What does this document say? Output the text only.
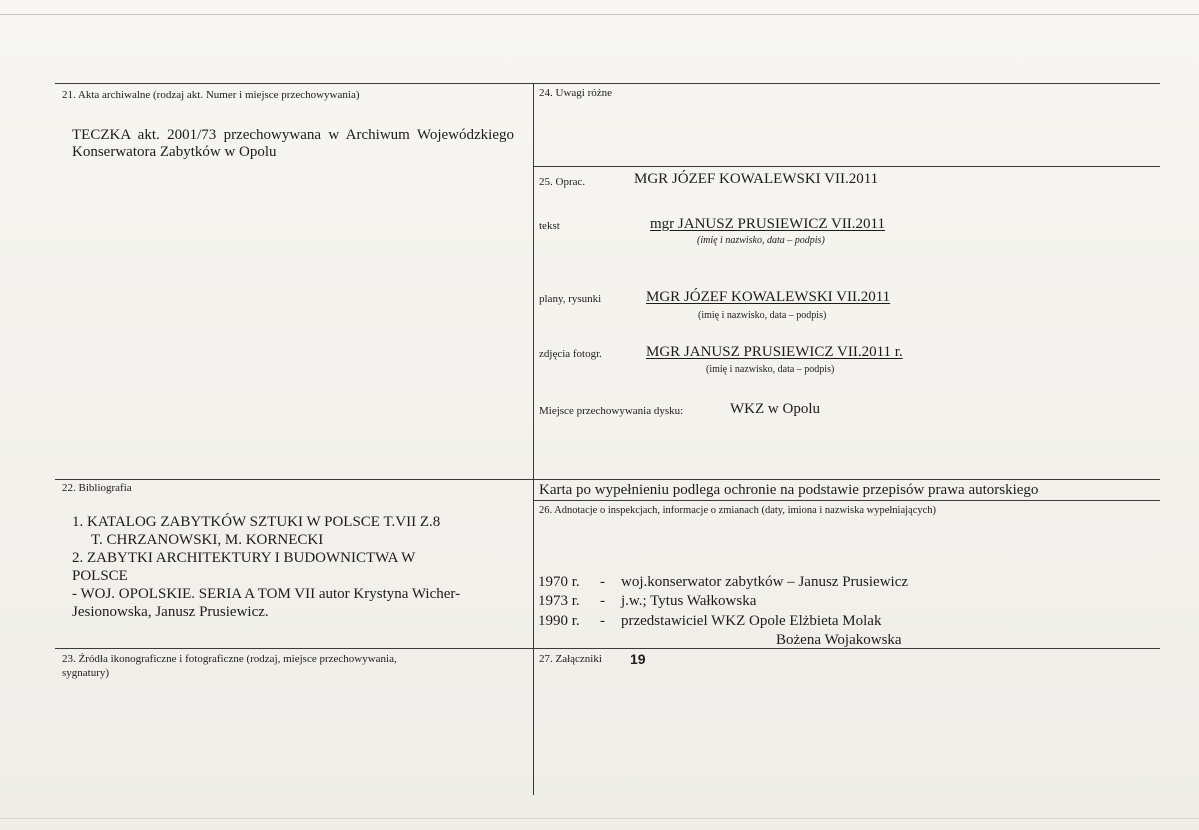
21. Akta archiwalne (rodzaj akt. Numer i miejsce przechowywania)
TECZKA akt. 2001/73 przechowywana w Archiwum Wojewódzkiego Konserwatora Zabytków w Opolu
24. Uwagi różne
25. Oprac.	MGR JÓZEF KOWALEWSKI VII.2011
tekst	mgr JANUSZ PRUSIEWICZ VII.2011
(imię i nazwisko, data – podpis)
plany, rysunki	MGR JÓZEF KOWALEWSKI VII.2011
(imię i nazwisko, data – podpis)
zdjęcia fotogr.	MGR JANUSZ PRUSIEWICZ VII.2011 r.
(imię i nazwisko, data – podpis)
Miejsce przechowywania dysku:	WKZ w Opolu
22. Bibliografia
1. KATALOG ZABYTKÓW SZTUKI W POLSCE T.VII Z.8
T. CHRZANOWSKI, M. KORNECKI
2. ZABYTKI ARCHITEKTURY I BUDOWNICTWA W
POLSCE
- WOJ. OPOLSKIE. SERIA A TOM VII autor Krystyna Wicher-
Jesionowska, Janusz Prusiewicz.
Karta po wypełnieniu podlega ochronie na podstawie przepisów prawa autorskiego
26. Adnotacje o inspekcjach, informacje o zmianach (daty, imiona i nazwiska wypełniających)
1970 r. - woj.konserwator zabytków – Janusz Prusiewicz
1973 r. - j.w.; Tytus Wałkowska
1990 r. - przedstawiciel WKZ Opole Elżbieta Molak
Bożena Wojakowska
23. Źródła ikonograficzne i fotograficzne (rodzaj, miejsce przechowywania,
sygnatury)
27. Załączniki 19
